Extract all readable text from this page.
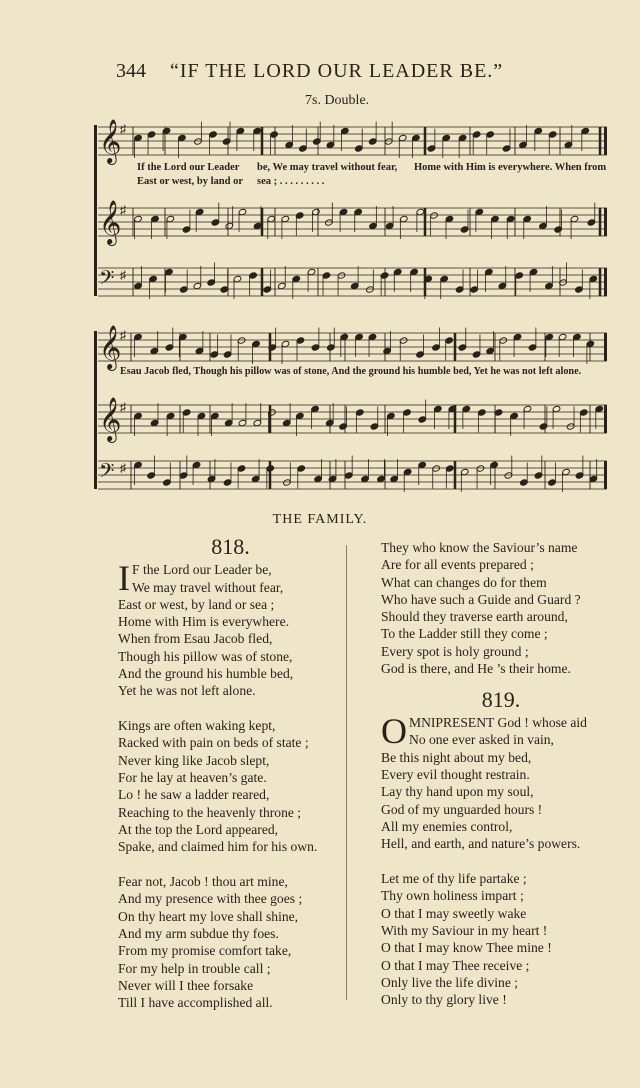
344 “IF THE LORD OUR LEADER BE.”
7s. Double.
𝄞
♯
𝄞
♯
𝄢 ♯
𝄞
♯
𝄞
♯
𝄢 ♯
If the Lord our Leader be, We may travel without fear, Home with Him is everywhere. When from
East or west, by land or sea ; . . . . . . . . .
Esau Jacob fled, Though his pillow was of stone, And the ground his humble bed, Yet he was not left alone.
THE FAMILY.
818.
I F the Lord our Leader be,
We may travel without fear,
East or west, by land or sea ;
Home with Him is everywhere.
When from Esau Jacob fled,
Though his pillow was of stone,
And the ground his humble bed,
Yet he was not left alone.
Kings are often waking kept,
Racked with pain on beds of state ;
Never king like Jacob slept,
For he lay at heaven’s gate.
Lo ! he saw a ladder reared,
Reaching to the heavenly throne ;
At the top the Lord appeared,
Spake, and claimed him for his own.
Fear not, Jacob ! thou art mine,
And my presence with thee goes ;
On thy heart my love shall shine,
And my arm subdue thy foes.
From my promise comfort take,
For my help in trouble call ;
Never will I thee forsake
Till I have accomplished all.
They who know the Saviour’s name
Are for all events prepared ;
What can changes do for them
Who have such a Guide and Guard ?
Should they traverse earth around,
To the Ladder still they come ;
Every spot is holy ground ;
God is there, and He ’s their home.
819.
O MNIPRESENT God ! whose aid
No one ever asked in vain,
Be this night about my bed,
Every evil thought restrain.
Lay thy hand upon my soul,
God of my unguarded hours !
All my enemies control,
Hell, and earth, and nature’s powers.
Let me of thy life partake ;
Thy own holiness impart ;
O that I may sweetly wake
With my Saviour in my heart !
O that I may know Thee mine !
O that I may Thee receive ;
Only live the life divine ;
Only to thy glory live !
